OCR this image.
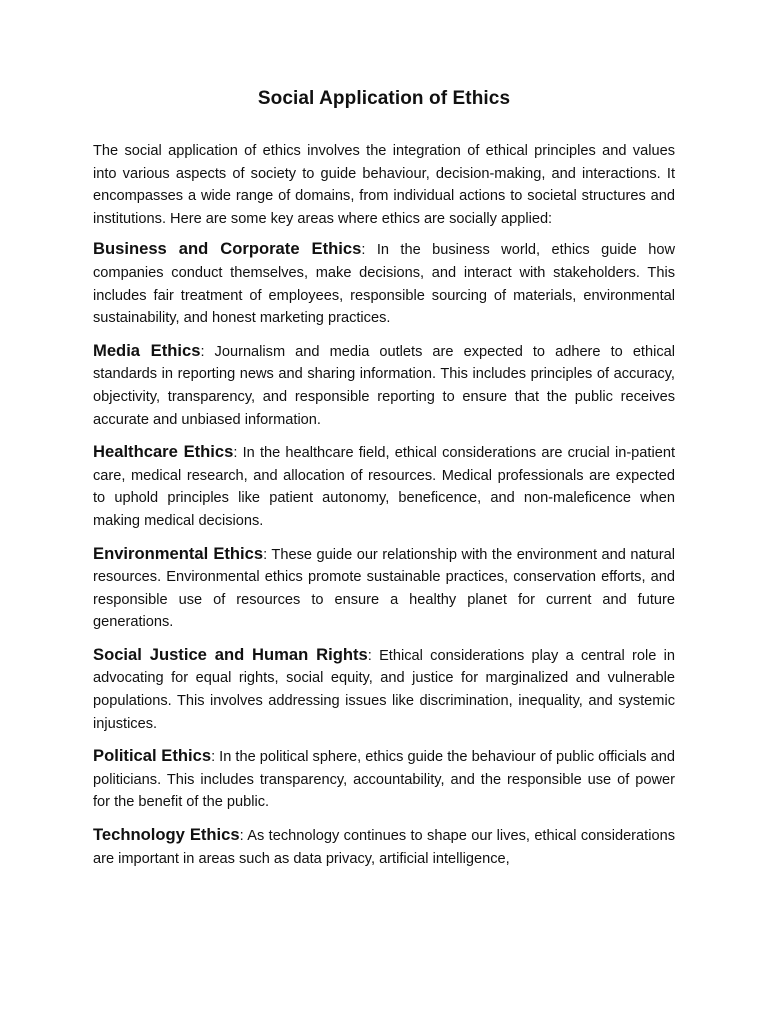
Social Application of Ethics

The social application of ethics involves the integration of ethical principles and values into various aspects of society to guide behaviour, decision-making, and interactions. It encompasses a wide range of domains, from individual actions to societal structures and institutions. Here are some key areas where ethics are socially applied:

Business and Corporate Ethics: In the business world, ethics guide how companies conduct themselves, make decisions, and interact with stakeholders. This includes fair treatment of employees, responsible sourcing of materials, environmental sustainability, and honest marketing practices.

Media Ethics: Journalism and media outlets are expected to adhere to ethical standards in reporting news and sharing information. This includes principles of accuracy, objectivity, transparency, and responsible reporting to ensure that the public receives accurate and unbiased information.

Healthcare Ethics: In the healthcare field, ethical considerations are crucial in-patient care, medical research, and allocation of resources. Medical professionals are expected to uphold principles like patient autonomy, beneficence, and non-maleficence when making medical decisions.

Environmental Ethics: These guide our relationship with the environment and natural resources. Environmental ethics promote sustainable practices, conservation efforts, and responsible use of resources to ensure a healthy planet for current and future generations.

Social Justice and Human Rights: Ethical considerations play a central role in advocating for equal rights, social equity, and justice for marginalized and vulnerable populations. This involves addressing issues like discrimination, inequality, and systemic injustices.

Political Ethics: In the political sphere, ethics guide the behaviour of public officials and politicians. This includes transparency, accountability, and the responsible use of power for the benefit of the public.

Technology Ethics: As technology continues to shape our lives, ethical considerations are important in areas such as data privacy, artificial intelligence,
